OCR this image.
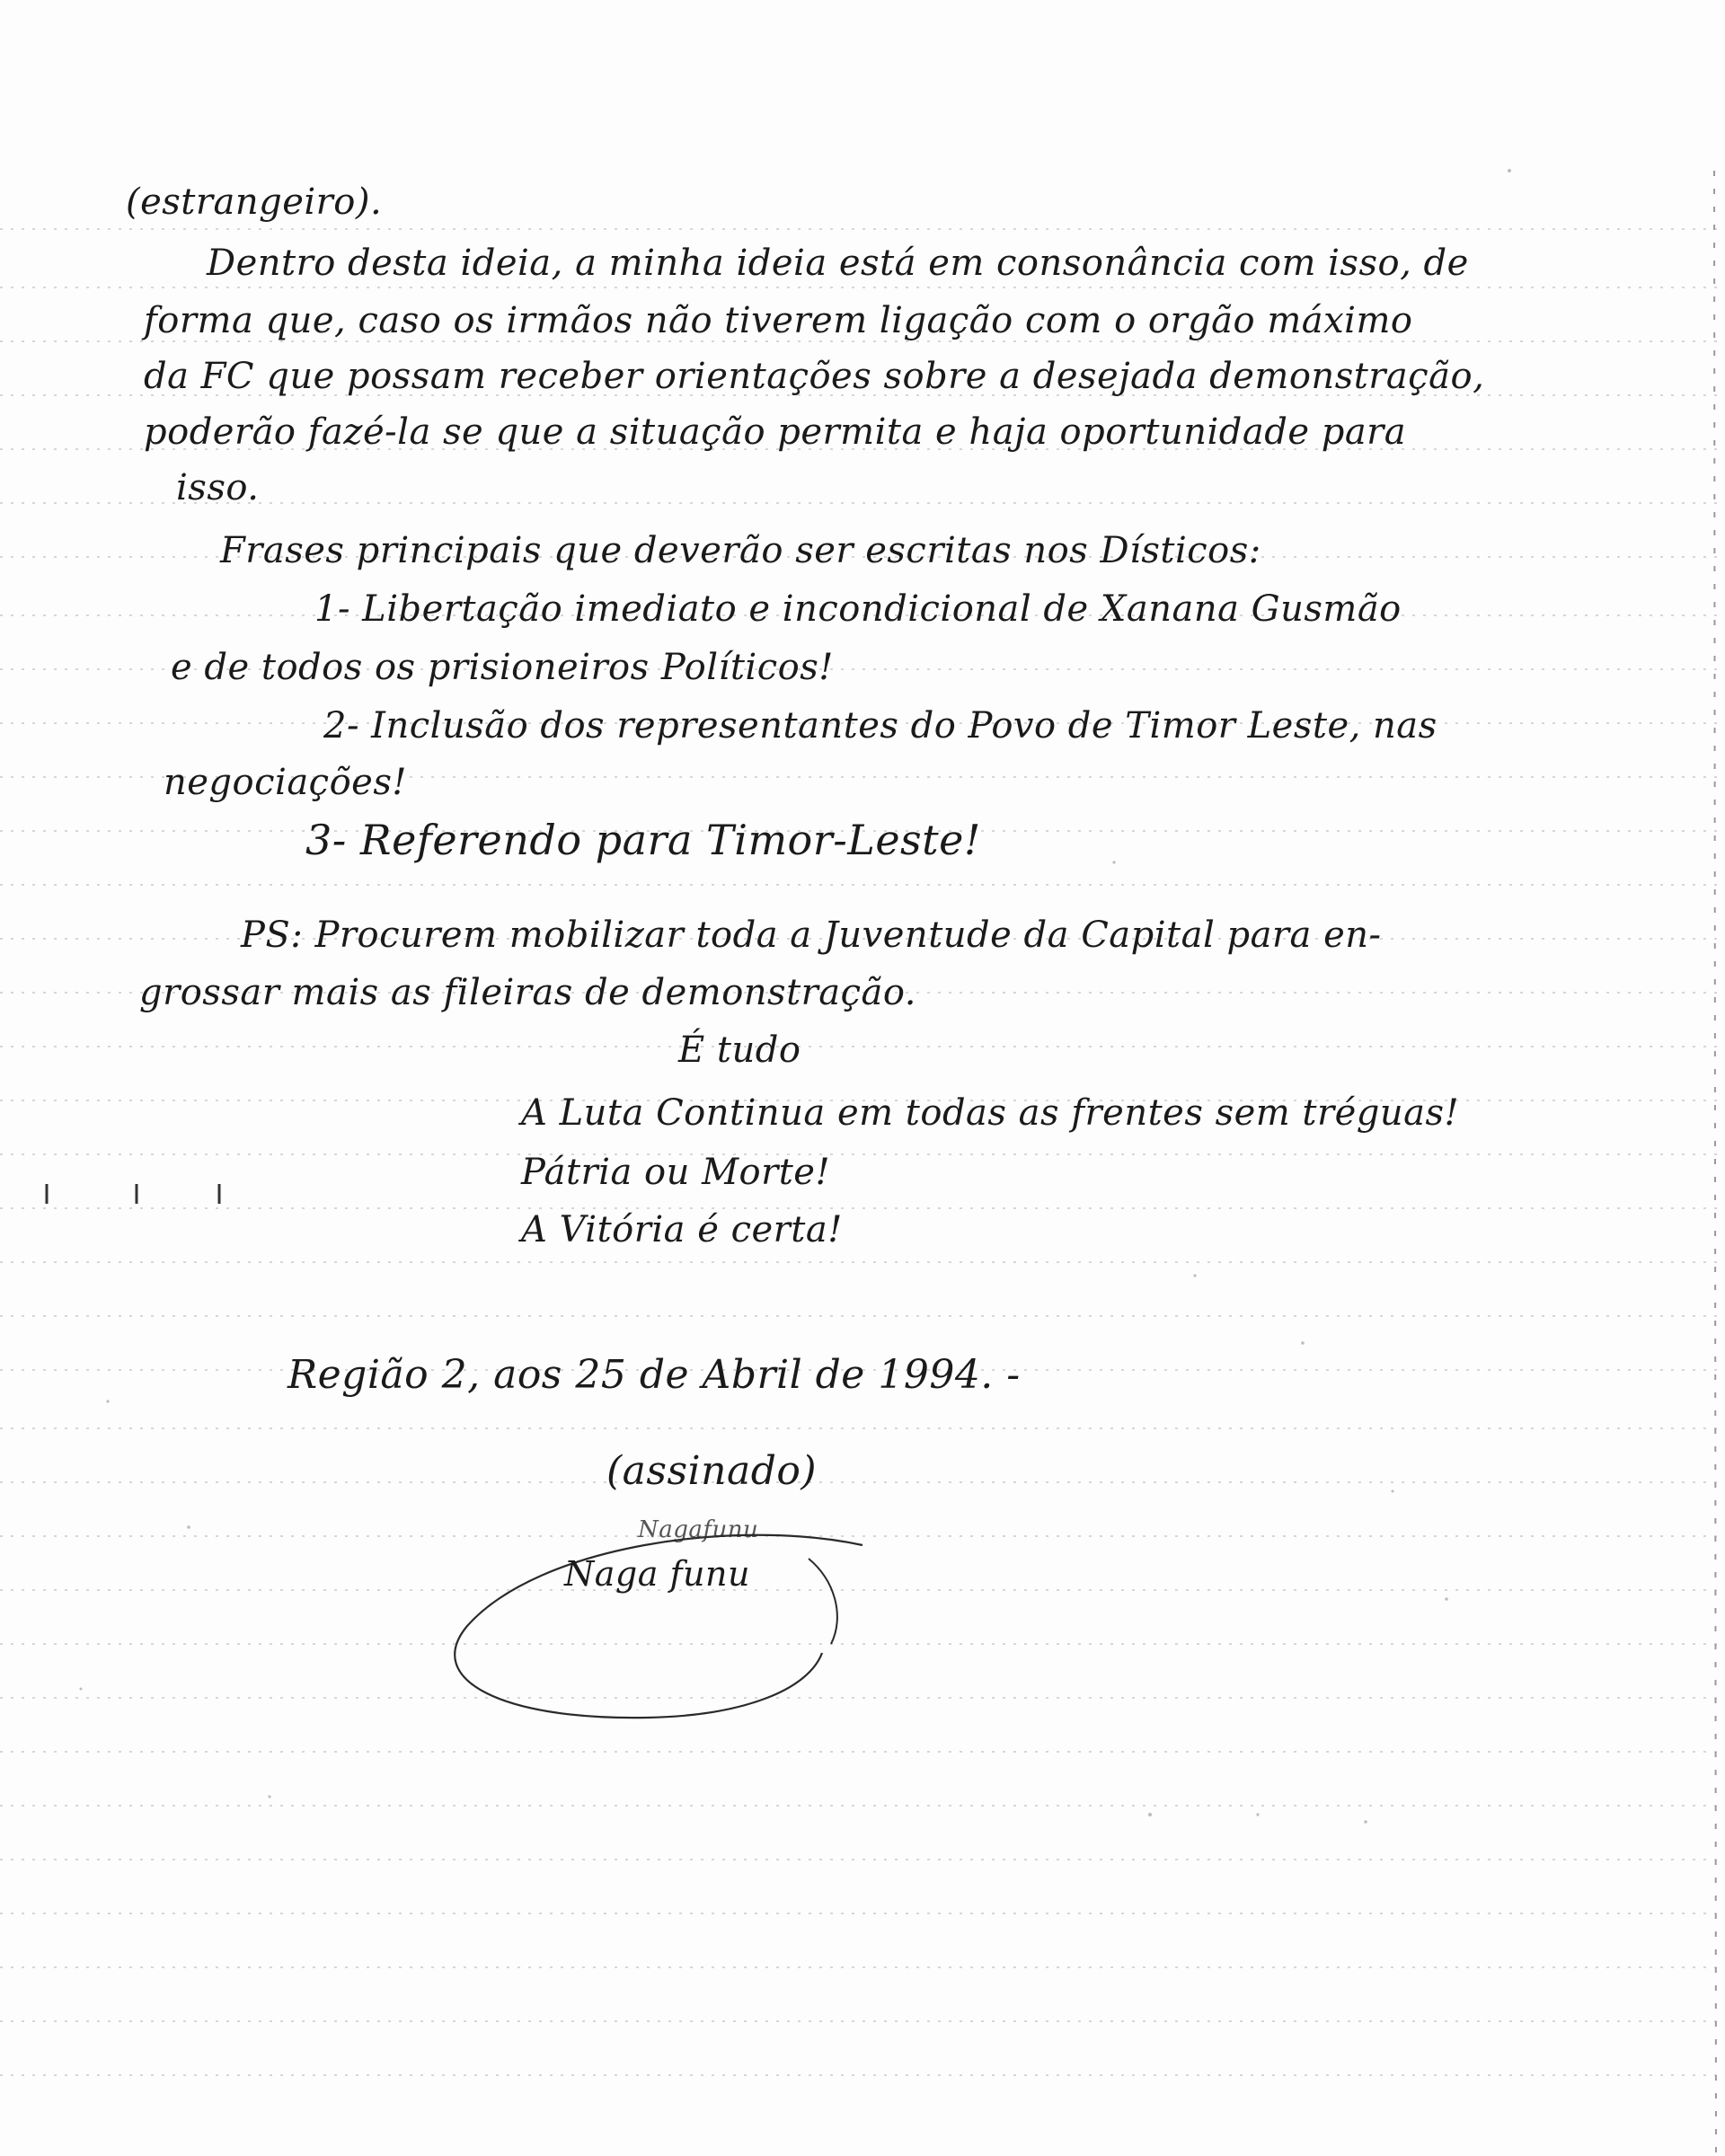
(estrangeiro).
Dentro desta ideia, a minha ideia está em consonância com isso, de
forma que, caso os irmãos não tiverem ligação com o orgão máximo
da FC que possam receber orientações sobre a desejada demonstração,
poderão fazé-la se que a situação permita e haja oportunidade para
isso.
Frases principais que deverão ser escritas nos Dísticos:
1- Libertação imediato e incondicional de Xanana Gusmão
e de todos os prisioneiros Políticos!
2- Inclusão dos representantes do Povo de Timor Leste, nas
negociações!
3- Referendo para Timor-Leste!
PS: Procurem mobilizar toda a Juventude da Capital para en-
grossar mais as fileiras de demonstração.
É tudo
A Luta Continua em todas as frentes sem tréguas!
Pátria ou Morte!
A Vitória é certa!
Região 2, aos 25 de Abril de 1994. -
(assinado)
Nagafunu
Naga funu
